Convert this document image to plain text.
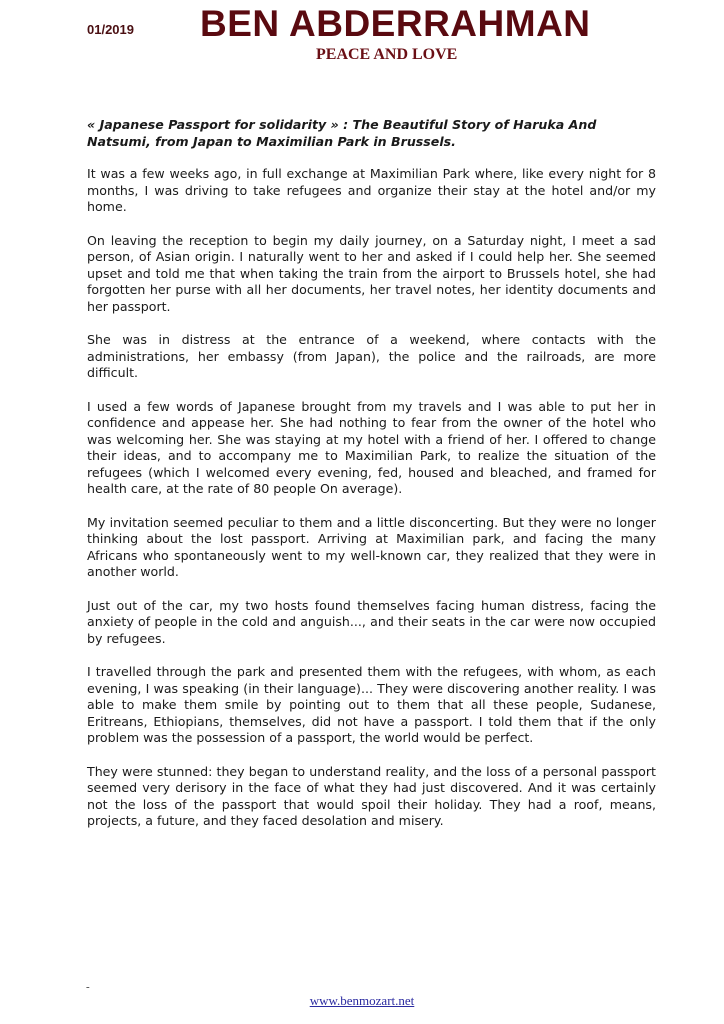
01/2019 BEN ABDERRAHMAN
PEACE AND LOVE

« Japanese Passport for solidarity » : The Beautiful Story of Haruka And Natsumi, from Japan to Maximilian Park in Brussels.

It was a few weeks ago, in full exchange at Maximilian Park where, like every night for 8 months, I was driving to take refugees and organize their stay at the hotel and/or my home.

On leaving the reception to begin my daily journey, on a Saturday night, I meet a sad person, of Asian origin. I naturally went to her and asked if I could help her. She seemed upset and told me that when taking the train from the airport to Brussels hotel, she had forgotten her purse with all her documents, her travel notes, her identity documents and her passport.

She was in distress at the entrance of a weekend, where contacts with the administrations, her embassy (from Japan), the police and the railroads, are more difficult.

I used a few words of Japanese brought from my travels and I was able to put her in confidence and appease her. She had nothing to fear from the owner of the hotel who was welcoming her. She was staying at my hotel with a friend of her. I offered to change their ideas, and to accompany me to Maximilian Park, to realize the situation of the refugees (which I welcomed every evening, fed, housed and bleached, and framed for health care, at the rate of 80 people On average).

My invitation seemed peculiar to them and a little disconcerting. But they were no longer thinking about the lost passport. Arriving at Maximilian park, and facing the many Africans who spontaneously went to my well-known car, they realized that they were in another world.

Just out of the car, my two hosts found themselves facing human distress, facing the anxiety of people in the cold and anguish..., and their seats in the car were now occupied by refugees.

I travelled through the park and presented them with the refugees, with whom, as each evening, I was speaking (in their language)... They were discovering another reality. I was able to make them smile by pointing out to them that all these people, Sudanese, Eritreans, Ethiopians, themselves, did not have a passport. I told them that if the only problem was the possession of a passport, the world would be perfect.

They were stunned: they began to understand reality, and the loss of a personal passport seemed very derisory in the face of what they had just discovered. And it was certainly not the loss of the passport that would spoil their holiday. They had a roof, means, projects, a future, and they faced desolation and misery.

-
www.benmozart.net
